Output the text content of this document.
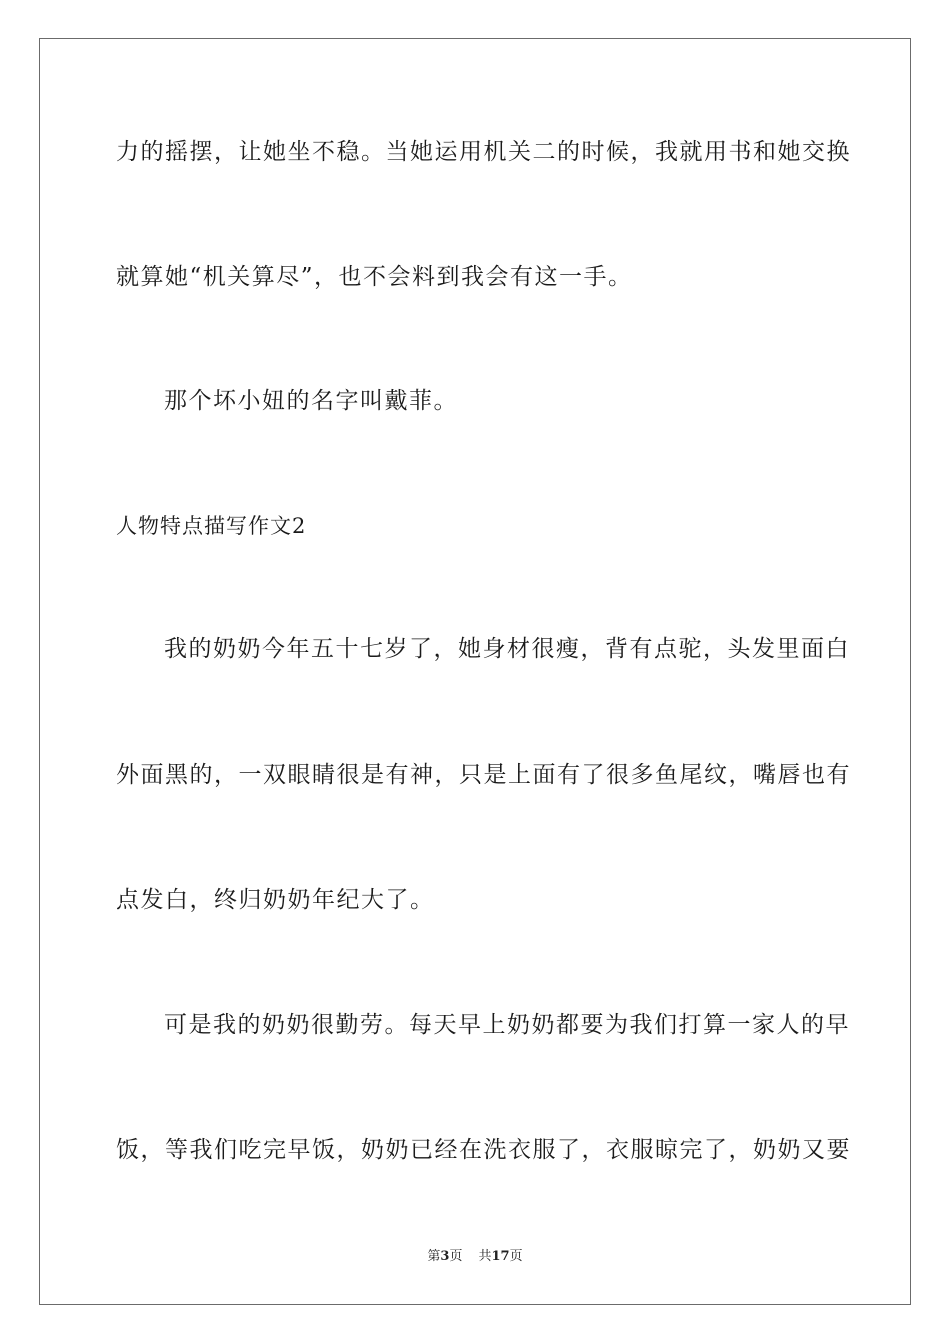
力的摇摆，让她坐不稳。当她运用机关二的时候，我就用书和她交换
就算她“机关算尽”，也不会料到我会有这一手。
那个坏小妞的名字叫戴菲。
人物特点描写作文2
我的奶奶今年五十七岁了，她身材很瘦，背有点驼，头发里面白
外面黑的，一双眼睛很是有神，只是上面有了很多鱼尾纹，嘴唇也有
点发白，终归奶奶年纪大了。
可是我的奶奶很勤劳。每天早上奶奶都要为我们打算一家人的早
饭，等我们吃完早饭，奶奶已经在洗衣服了，衣服晾完了，奶奶又要
第3页 共17页
